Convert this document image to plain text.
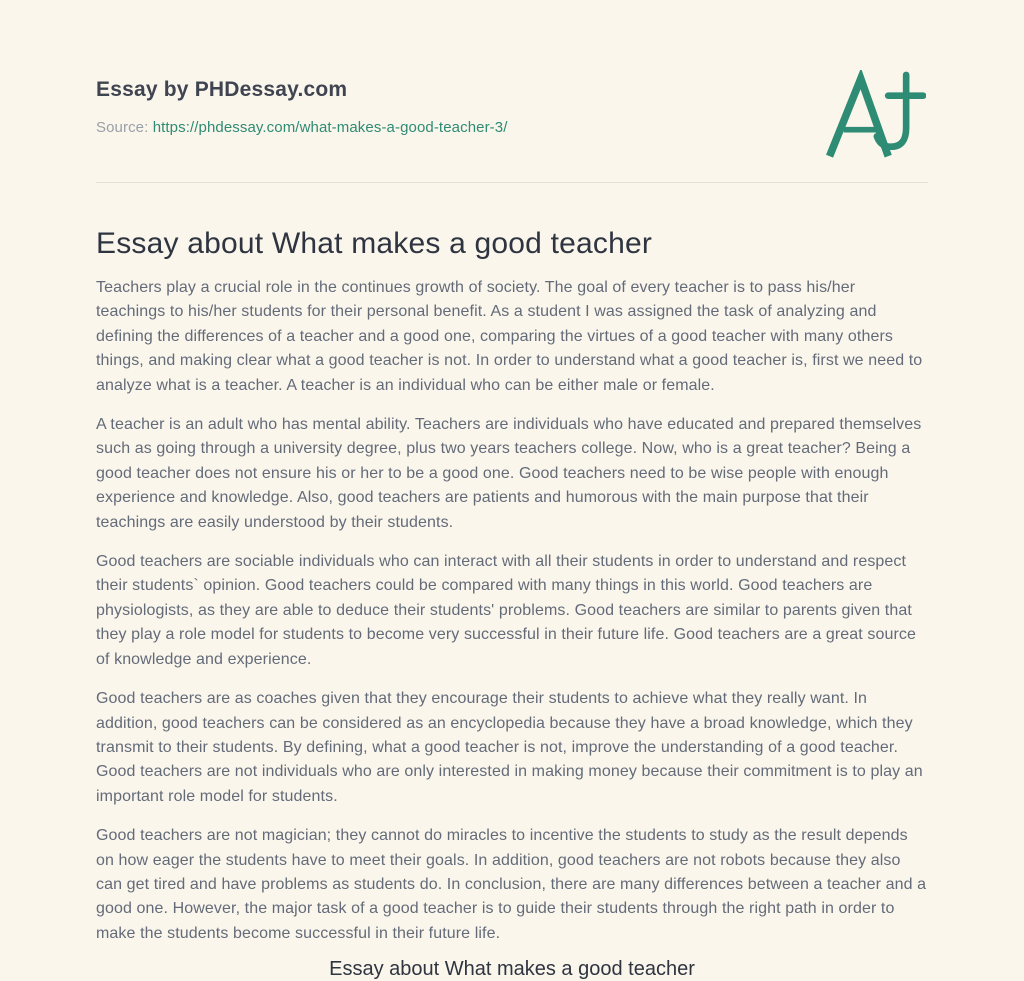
Essay by PHDessay.com
Source: https://phdessay.com/what-makes-a-good-teacher-3/
Essay about What makes a good teacher

Teachers play a crucial role in the continues growth of society. The goal of every teacher is to pass his/her teachings to his/her students for their personal benefit. As a student I was assigned the task of analyzing and defining the differences of a teacher and a good one, comparing the virtues of a good teacher with many others things, and making clear what a good teacher is not. In order to understand what a good teacher is, first we need to analyze what is a teacher. A teacher is an individual who can be either male or female.

A teacher is an adult who has mental ability. Teachers are individuals who have educated and prepared themselves such as going through a university degree, plus two years teachers college. Now, who is a great teacher? Being a good teacher does not ensure his or her to be a good one. Good teachers need to be wise people with enough experience and knowledge. Also, good teachers are patients and humorous with the main purpose that their teachings are easily understood by their students.

Good teachers are sociable individuals who can interact with all their students in order to understand and respect their students` opinion. Good teachers could be compared with many things in this world. Good teachers are physiologists, as they are able to deduce their students' problems. Good teachers are similar to parents given that they play a role model for students to become very successful in their future life. Good teachers are a great source of knowledge and experience.

Good teachers are as coaches given that they encourage their students to achieve what they really want. In addition, good teachers can be considered as an encyclopedia because they have a broad knowledge, which they transmit to their students. By defining, what a good teacher is not, improve the understanding of a good teacher. Good teachers are not individuals who are only interested in making money because their commitment is to play an important role model for students.

Good teachers are not magician; they cannot do miracles to incentive the students to study as the result depends on how eager the students have to meet their goals. In addition, good teachers are not robots because they also can get tired and have problems as students do. In conclusion, there are many differences between a teacher and a good one. However, the major task of a good teacher is to guide their students through the right path in order to make the students become successful in their future life.

Essay about What makes a good teacher
